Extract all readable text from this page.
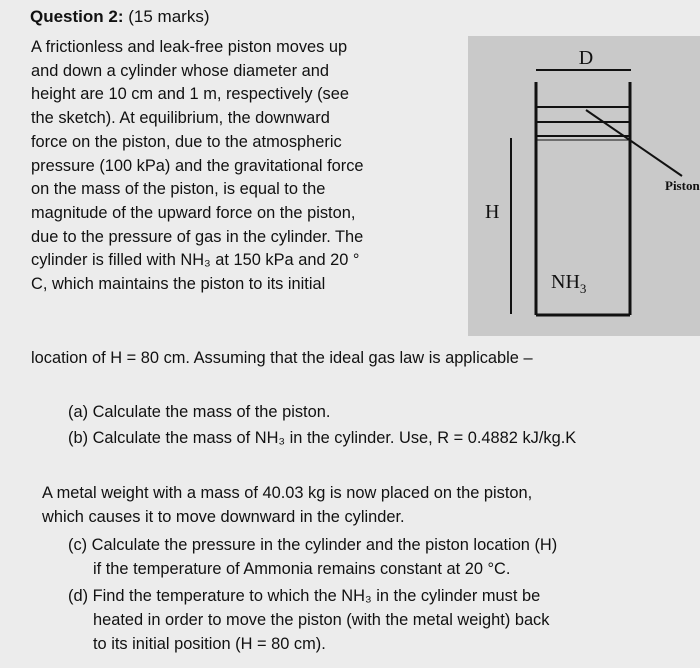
Question 2: (15 marks)
A frictionless and leak-free piston moves up
and down a cylinder whose diameter and
height are 10 cm and 1 m, respectively (see
the sketch). At equilibrium, the downward
force on the piston, due to the atmospheric
pressure (100 kPa) and the gravitational force
on the mass of the piston, is equal to the
magnitude of the upward force on the piston,
due to the pressure of gas in the cylinder. The
cylinder is filled with NH₃ at 150 kPa and 20 °
C, which maintains the piston to its initial
location of H = 80 cm. Assuming that the ideal gas law is applicable –
(a) Calculate the mass of the piston.
(b) Calculate the mass of NH₃ in the cylinder. Use, R = 0.4882 kJ/kg.K
A metal weight with a mass of 40.03 kg is now placed on the piston,
which causes it to move downward in the cylinder.
(c) Calculate the pressure in the cylinder and the piston location (H)
if the temperature of Ammonia remains constant at 20 °C.
(d) Find the temperature to which the NH₃ in the cylinder must be
heated in order to move the piston (with the metal weight) back
to its initial position (H = 80 cm).
D
H
Piston
$NH_3$
